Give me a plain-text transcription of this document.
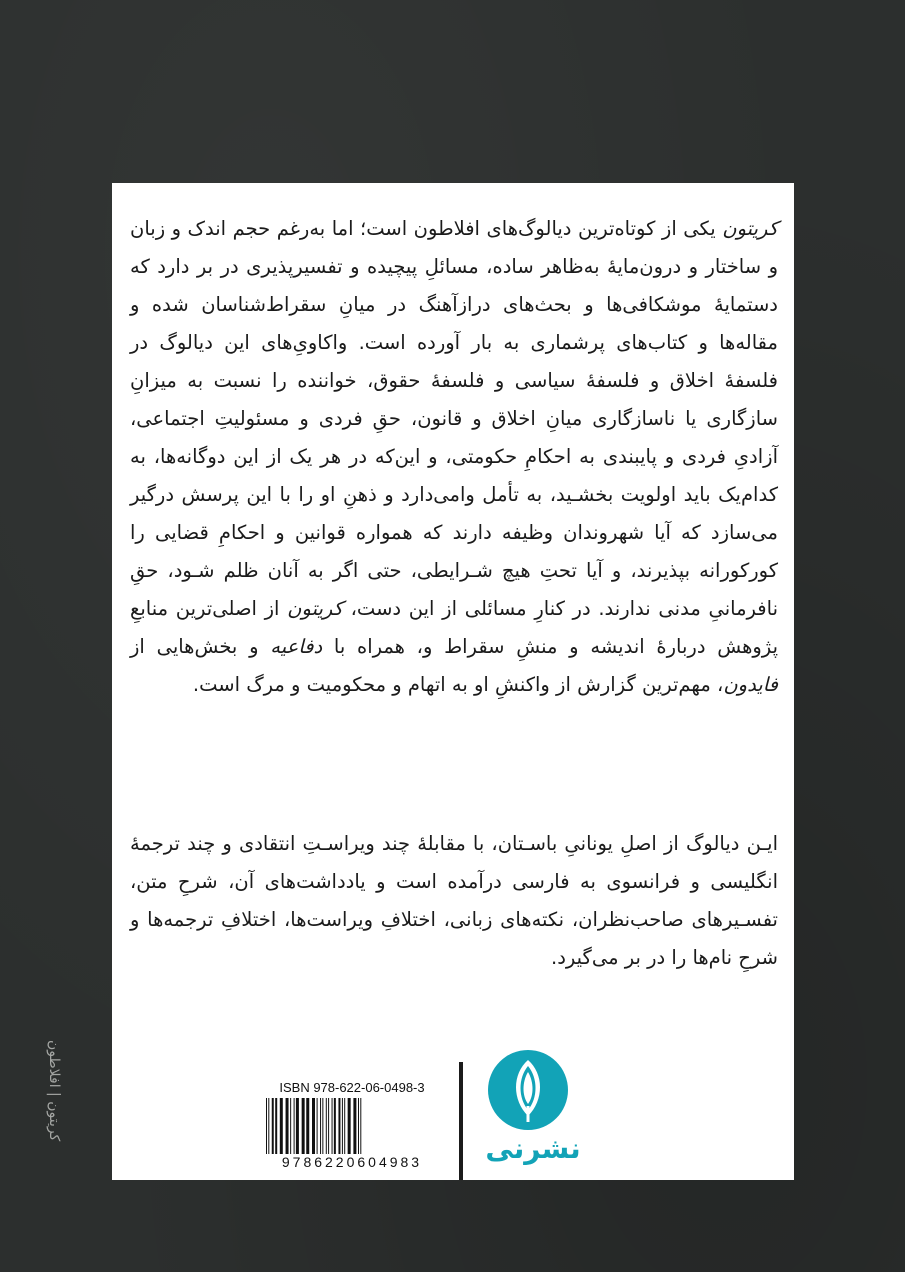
کریتون | افلاطون

کریتون یکی از کوتاه‌ترین دیالوگ‌های افلاطون است؛ اما به‌رغم حجم اندک و زبان و ساختار و درون‌مایهٔ به‌ظاهر ساده، مسائلِ پیچیده و تفسیرپذیری در بر دارد که دستمایهٔ موشکافی‌ها و بحث‌های درازآهنگ در میانِ سقراط‌شناسان شده و مقاله‌ها و کتاب‌های پرشماری به بار آورده است. واکاویِ‌های این دیالوگ در فلسفهٔ اخلاق و فلسفهٔ سیاسی و فلسفهٔ حقوق، خواننده را نسبت به میزانِ سازگاری یا ناسازگاری میانِ اخلاق و قانون، حقِ فردی و مسئولیتِ اجتماعی، آزادیِ فردی و پایبندی به احکامِ حکومتی، و این‌که در هر یک از این دوگانه‌ها، به کدام‌یک باید اولویت بخشـید، به تأمل وامی‌دارد و ذهنِ او را با این پرسش درگیر می‌سازد که آیا شهروندان وظیفه دارند که همواره قوانین و احکامِ قضایی را کورکورانه بپذیرند، و آیا تحتِ هیچ شـرایطی، حتی اگر به آنان ظلم شـود، حقِ نافرمانیِ مدنی ندارند. در کنارِ مسائلی از این دست، کریتون از اصلی‌ترین منابعِ پژوهش دربارهٔ اندیشه و منشِ سقراط و، همراه با دفاعیه و بخش‌هایی از فایدون، مهم‌ترین گزارش از واکنشِ او به اتهام و محکومیت و مرگ است.

ایـن دیالوگ از اصلِ یونانیِ باسـتان، با مقابلهٔ چند ویراسـتِ انتقادی و چند ترجمهٔ انگلیسی و فرانسوی به فارسی درآمده است و یادداشت‌های آن، شرحِ متن، تفسـیرهای صاحب‌نظران، نکته‌های زبانی، اختلافِ ویراست‌ها، اختلافِ ترجمه‌ها و شرحِ نام‌ها را در بر می‌گیرد.

نشرنی
ISBN 978-622-06-0498-3
9786220604983
